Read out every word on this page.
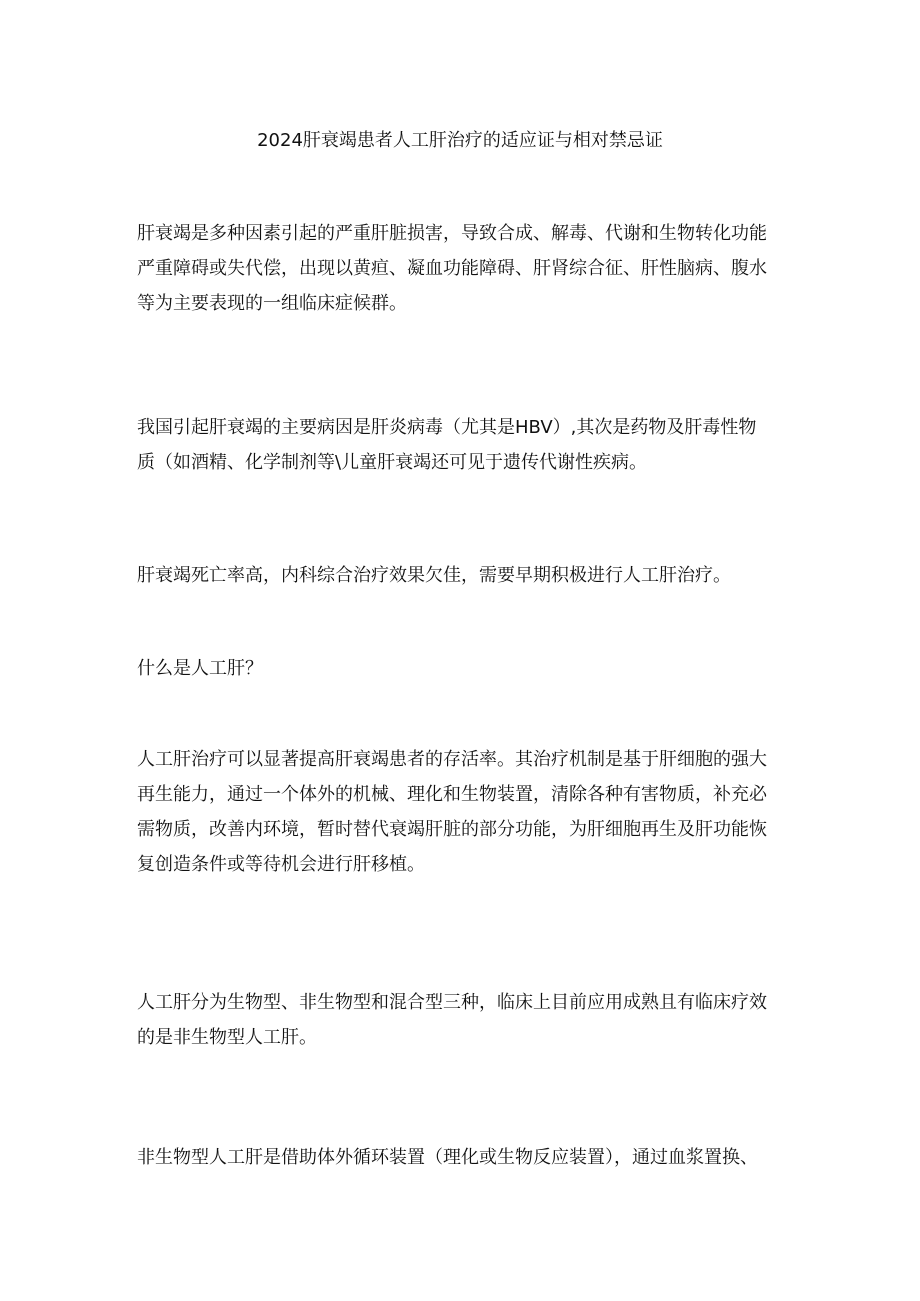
2024肝衰竭患者人工肝治疗的适应证与相对禁忌证
肝衰竭是多种因素引起的严重肝脏损害，导致合成、解毒、代谢和生物转化功能
严重障碍或失代偿，出现以黄疸、凝血功能障碍、肝肾综合征、肝性脑病、腹水
等为主要表现的一组临床症候群。
我国引起肝衰竭的主要病因是肝炎病毒（尤其是HBV）,其次是药物及肝毒性物
质（如酒精、化学制剂等\儿童肝衰竭还可见于遗传代谢性疾病。
肝衰竭死亡率高，内科综合治疗效果欠佳，需要早期积极进行人工肝治疗。
什么是人工肝？
人工肝治疗可以显著提高肝衰竭患者的存活率。其治疗机制是基于肝细胞的强大
再生能力，通过一个体外的机械、理化和生物装置，清除各种有害物质，补充必
需物质，改善内环境，暂时替代衰竭肝脏的部分功能，为肝细胞再生及肝功能恢
复创造条件或等待机会进行肝移植。
人工肝分为生物型、非生物型和混合型三种，临床上目前应用成熟且有临床疗效
的是非生物型人工肝。
非生物型人工肝是借助体外循环装置（理化或生物反应装置），通过血浆置换、
